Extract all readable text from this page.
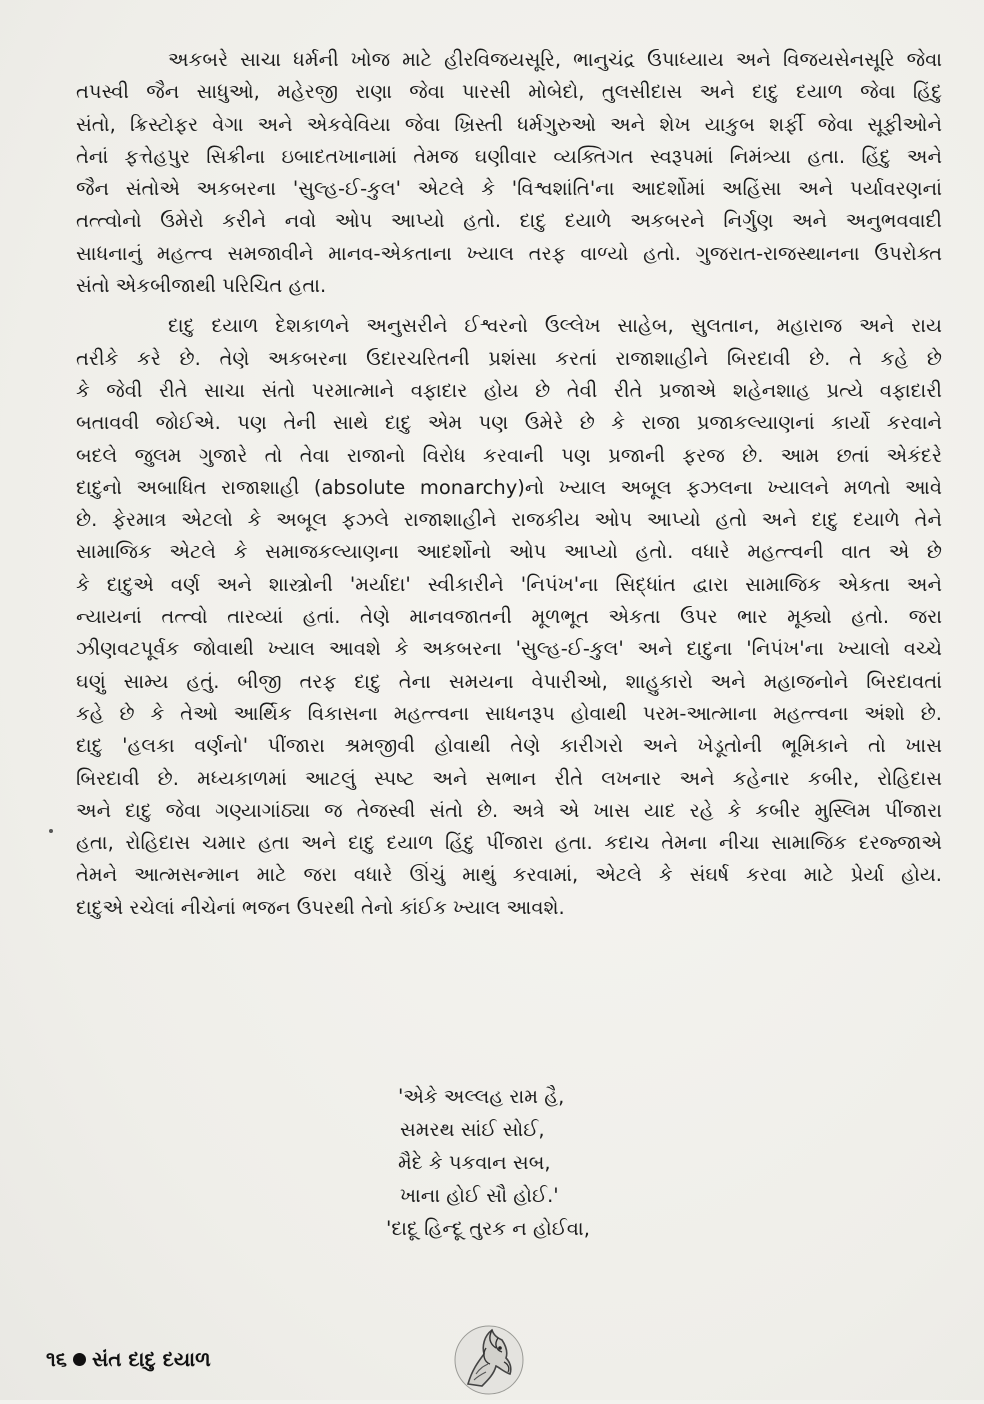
અકબરે સાચા ધર્મની ખોજ માટે હીરવિજયસૂરિ, ભાનુચંદ્ર ઉપાધ્યાય અને વિજયસેનસૂરિ જેવા
તપસ્વી જૈન સાધુઓ, મહેરજી રાણા જેવા પારસી મોબેદો, તુલસીદાસ અને દાદુ દયાળ જેવા હિંદુ
સંતો, ક્રિસ્ટોફર વેગા અને એકવેવિયા જેવા ખ્રિસ્તી ધર્મગુરુઓ અને શેખ યાકુબ શર્ફી જેવા સૂફીઓને
તેનાં ફત્તેહપુર સિક્રીના ઇબાદતખાનામાં તેમજ ઘણીવાર વ્યક્તિગત સ્વરૂપમાં નિમંત્ર્યા હતા. હિંદુ અને
જૈન સંતોએ અકબરના 'સુલ્હ-ઈ-કુલ' એટલે કે 'વિશ્વશાંતિ'ના આદર્શોમાં અહિંસા અને પર્યાવરણનાં
તત્ત્વોનો ઉમેરો કરીને નવો ઓપ આપ્યો હતો. દાદુ દયાળે અકબરને નિર્ગુણ અને અનુભવવાદી
સાધનાનું મહત્ત્વ સમજાવીને માનવ-એકતાના ખ્યાલ તરફ વાળ્યો હતો. ગુજરાત-રાજસ્થાનના ઉપરોક્ત
સંતો એકબીજાથી પરિચિત હતા.
દાદુ દયાળ દેશકાળને અનુસરીને ઈશ્વરનો ઉલ્લેખ સાહેબ, સુલતાન, મહારાજ અને રાય
તરીકે કરે છે. તેણે અકબરના ઉદારચરિતની પ્રશંસા કરતાં રાજાશાહીને બિરદાવી છે. તે કહે છે
કે જેવી રીતે સાચા સંતો પરમાત્માને વફાદાર હોય છે તેવી રીતે પ્રજાએ શહેનશાહ પ્રત્યે વફાદારી
બતાવવી જોઈએ. પણ તેની સાથે દાદુ એમ પણ ઉમેરે છે કે રાજા પ્રજાકલ્યાણનાં કાર્યો કરવાને
બદલે જુલમ ગુજારે તો તેવા રાજાનો વિરોધ કરવાની પણ પ્રજાની ફરજ છે. આમ છતાં એકંદરે
દાદુનો અબાધિત રાજાશાહી (absolute monarchy)નો ખ્યાલ અબૂલ ફઝલના ખ્યાલને મળતો આવે
છે. ફેરમાત્ર એટલો કે અબૂલ ફઝલે રાજાશાહીને રાજકીય ઓપ આપ્યો હતો અને દાદુ દયાળે તેને
સામાજિક એટલે કે સમાજકલ્યાણના આદર્શોનો ઓપ આપ્યો હતો. વધારે મહત્ત્વની વાત એ છે
કે દાદુએ વર્ણ અને શાસ્ત્રોની 'મર્યાદા' સ્વીકારીને 'નિપંખ'ના સિદ્ધાંત દ્વારા સામાજિક એકતા અને
ન્યાયનાં તત્ત્વો તારવ્યાં હતાં. તેણે માનવજાતની મૂળભૂત એકતા ઉપર ભાર મૂક્યો હતો. જરા
ઝીણવટપૂર્વક જોવાથી ખ્યાલ આવશે કે અકબરના 'સુલ્હ-ઈ-કુલ' અને દાદુના 'નિપંખ'ના ખ્યાલો વચ્ચે
ઘણું સામ્ય હતું. બીજી તરફ દાદુ તેના સમયના વેપારીઓ, શાહુકારો અને મહાજનોને બિરદાવતાં
કહે છે કે તેઓ આર્થિક વિકાસના મહત્ત્વના સાધનરૂપ હોવાથી પરમ-આત્માના મહત્ત્વના અંશો છે.
દાદુ 'હલકા વર્ણનો' પીંજારા શ્રમજીવી હોવાથી તેણે કારીગરો અને ખેડૂતોની ભૂમિકાને તો ખાસ
બિરદાવી છે. મધ્યકાળમાં આટલું સ્પષ્ટ અને સભાન રીતે લખનાર અને કહેનાર કબીર, રોહિદાસ
અને દાદુ જેવા ગણ્યાગાંઠ્યા જ તેજસ્વી સંતો છે. અત્રે એ ખાસ યાદ રહે કે કબીર મુસ્લિમ પીંજારા
હતા, રોહિદાસ ચમાર હતા અને દાદુ દયાળ હિંદુ પીંજારા હતા. કદાચ તેમના નીચા સામાજિક દરજ્જાએ
તેમને આત્મસન્માન માટે જરા વધારે ઊંચું માથું કરવામાં, એટલે કે સંઘર્ષ કરવા માટે પ્રેર્યા હોય.
દાદુએ રચેલાં નીચેનાં ભજન ઉપરથી તેનો કાંઈક ખ્યાલ આવશે.
'એકે અલ્લહ રામ હૈ,
સમરથ સાંઈ સોઈ,
મૈદે કે પકવાન સબ,
ખાના હોઈ સૌ હોઈ.'
'દાદૂ હિન્દૂ તુરક ન હોઈવા,
૧૬ સંત દાદુ દયાળ
